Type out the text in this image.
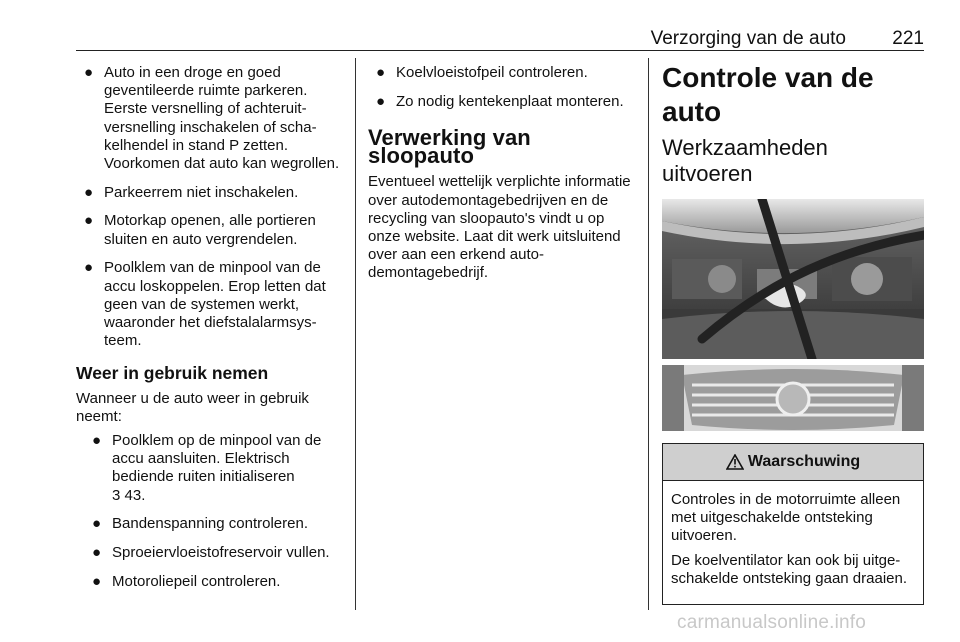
Verzorging van de auto 221
● Auto in een droge en goed geventileerde ruimte parkeren. Eerste versnelling of achteruitversnelling inschakelen of schakelhendel in stand P zetten. Voorkomen dat auto kan wegrollen.
● Parkeerrem niet inschakelen.
● Motorkap openen, alle portieren sluiten en auto vergrendelen.
● Poolklem van de minpool van de accu loskoppelen. Erop letten dat geen van de systemen werkt, waaronder het diefstalalarmsysteem.
Weer in gebruik nemen
Wanneer u de auto weer in gebruik neemt:
● Poolklem op de minpool van de accu aansluiten. Elektrisch bediende ruiten initialiseren
3 43.
● Bandenspanning controleren.
● Sproeiervloeistofreservoir vullen.
● Motoroliepeil controleren.
● Koelvloeistofpeil controleren.
● Zo nodig kentekenplaat monteren.
Verwerking van sloopauto
Eventueel wettelijk verplichte informatie over autodemontagebedrijven en de recycling van sloopauto's vindt u op onze website. Laat dit werk uitsluitend over aan een erkend autodemontagebedrijf.
Controle van de auto
Werkzaamheden uitvoeren
Waarschuwing

Controles in de motorruimte alleen met uitgeschakelde ontsteking uitvoeren.

De koelventilator kan ook bij uitgeschakelde ontsteking gaan draaien.

carmanualsonline.info
